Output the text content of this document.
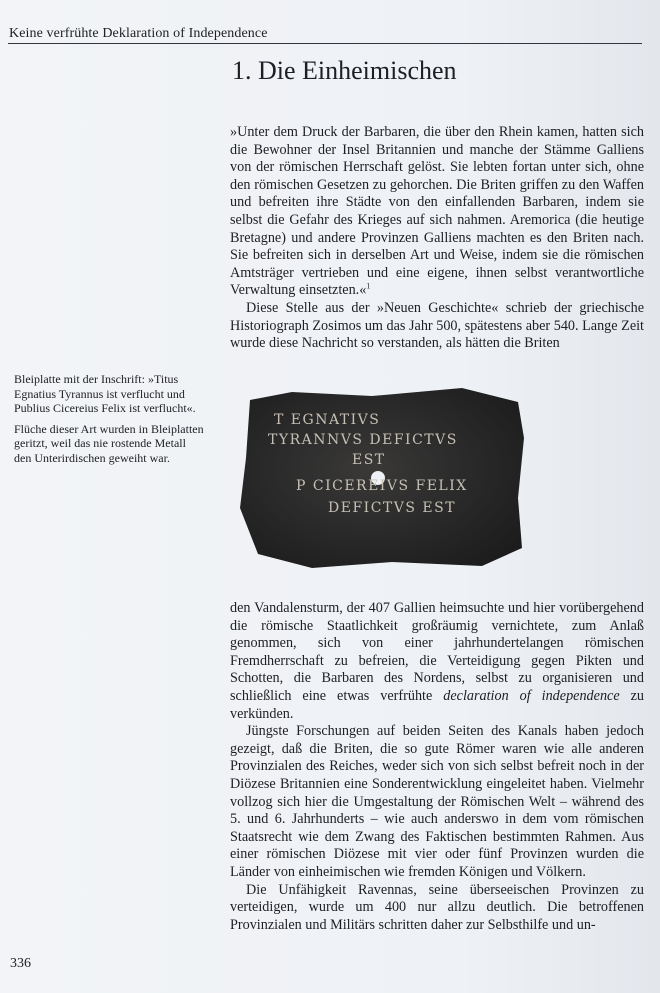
Keine verfrühte Deklaration of Independence
1. Die Einheimischen

»Unter dem Druck der Barbaren, die über den Rhein kamen, hatten sich die Bewohner der Insel Britannien und manche der Stämme Galliens von der römischen Herrschaft gelöst. Sie lebten fortan unter sich, ohne den römischen Gesetzen zu gehorchen. Die Briten griffen zu den Waffen und befreiten ihre Städte von den einfallenden Barbaren, indem sie selbst die Gefahr des Krieges auf sich nahmen. Aremorica (die heutige Bretagne) und andere Provinzen Galliens machten es den Briten nach. Sie befreiten sich in derselben Art und Weise, indem sie die römischen Amtsträger vertrieben und eine eigene, ihnen selbst verantwortliche Verwaltung einsetzten.«$^1$

Diese Stelle aus der »Neuen Geschichte« schrieb der griechische Historiograph Zosimos um das Jahr 500, spätestens aber 540. Lange Zeit wurde diese Nachricht so verstanden, als hätten die Briten

Bleiplatte mit der Inschrift: »Titus Egnatius Tyrannus ist verflucht und Publius Cicereius Felix ist verflucht«.

Flüche dieser Art wurden in Bleiplatten geritzt, weil das nie rostende Metall den Unterirdischen geweiht war.

T EGNATIVS
TYRANNVS DEFICTVS
EST
P CICEREIVS FELIX
DEFICTVS EST

den Vandalensturm, der 407 Gallien heimsuchte und hier vorübergehend die römische Staatlichkeit großräumig vernichtete, zum Anlaß genommen, sich von einer jahrhundertelangen römischen Fremdherrschaft zu befreien, die Verteidigung gegen Pikten und Schotten, die Barbaren des Nordens, selbst zu organisieren und schließlich eine etwas verfrühte declaration of independence zu verkünden.

Jüngste Forschungen auf beiden Seiten des Kanals haben jedoch gezeigt, daß die Briten, die so gute Römer waren wie alle anderen Provinzialen des Reiches, weder sich von sich selbst befreit noch in der Diözese Britannien eine Sonderentwicklung eingeleitet haben. Vielmehr vollzog sich hier die Umgestaltung der Römischen Welt – während des 5. und 6. Jahrhunderts – wie auch anderswo in dem vom römischen Staatsrecht wie dem Zwang des Faktischen bestimmten Rahmen. Aus einer römischen Diözese mit vier oder fünf Provinzen wurden die Länder von einheimischen wie fremden Königen und Völkern.

Die Unfähigkeit Ravennas, seine überseeischen Provinzen zu verteidigen, wurde um 400 nur allzu deutlich. Die betroffenen Provinzialen und Militärs schritten daher zur Selbsthilfe und un-

336
